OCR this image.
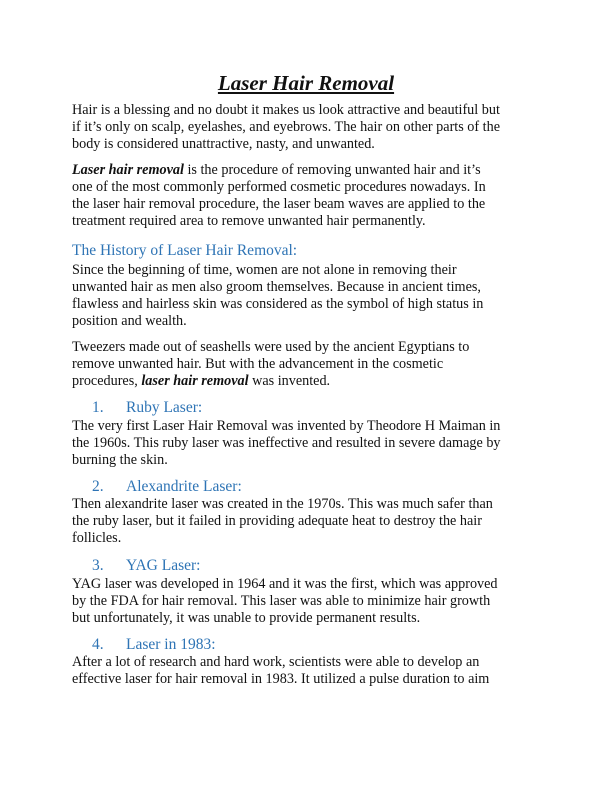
Laser Hair Removal
Hair is a blessing and no doubt it makes us look attractive and beautiful but
if it’s only on scalp, eyelashes, and eyebrows. The hair on other parts of the
body is considered unattractive, nasty, and unwanted.
Laser hair removal is the procedure of removing unwanted hair and it’s
one of the most commonly performed cosmetic procedures nowadays. In
the laser hair removal procedure, the laser beam waves are applied to the
treatment required area to remove unwanted hair permanently.
The History of Laser Hair Removal:
Since the beginning of time, women are not alone in removing their
unwanted hair as men also groom themselves. Because in ancient times,
flawless and hairless skin was considered as the symbol of high status in
position and wealth.
Tweezers made out of seashells were used by the ancient Egyptians to
remove unwanted hair. But with the advancement in the cosmetic
procedures, laser hair removal was invented.
1. Ruby Laser:
The very first Laser Hair Removal was invented by Theodore H Maiman in
the 1960s. This ruby laser was ineffective and resulted in severe damage by
burning the skin.
2. Alexandrite Laser:
Then alexandrite laser was created in the 1970s. This was much safer than
the ruby laser, but it failed in providing adequate heat to destroy the hair
follicles.
3. YAG Laser:
YAG laser was developed in 1964 and it was the first, which was approved
by the FDA for hair removal. This laser was able to minimize hair growth
but unfortunately, it was unable to provide permanent results.
4. Laser in 1983:
After a lot of research and hard work, scientists were able to develop an
effective laser for hair removal in 1983. It utilized a pulse duration to aim
